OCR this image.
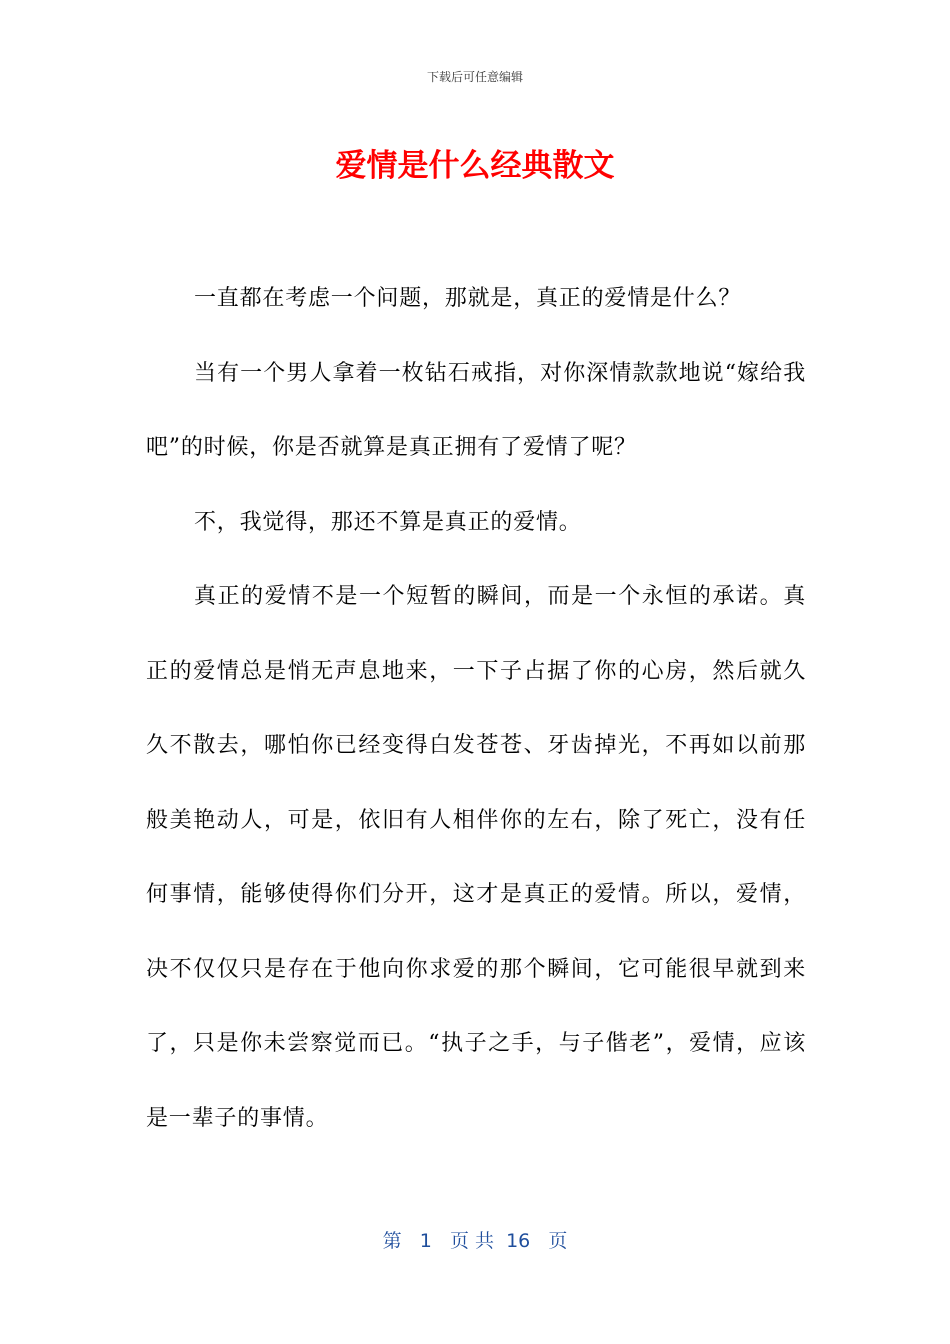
下载后可任意编辑
爱情是什么经典散文

一直都在考虑一个问题，那就是，真正的爱情是什么？

当有一个男人拿着一枚钻石戒指，对你深情款款地说“嫁给我吧”的时候，你是否就算是真正拥有了爱情了呢？

不，我觉得，那还不算是真正的爱情。

真正的爱情不是一个短暂的瞬间，而是一个永恒的承诺。真正的爱情总是悄无声息地来，一下子占据了你的心房，然后就久久不散去，哪怕你已经变得白发苍苍、牙齿掉光，不再如以前那般美艳动人，可是，依旧有人相伴你的左右，除了死亡，没有任何事情，能够使得你们分开，这才是真正的爱情。所以，爱情，决不仅仅只是存在于他向你求爱的那个瞬间，它可能很早就到来了，只是你未尝察觉而已。“执子之手，与子偕老”，爱情，应该是一辈子的事情。

第 1 页 共 16 页
